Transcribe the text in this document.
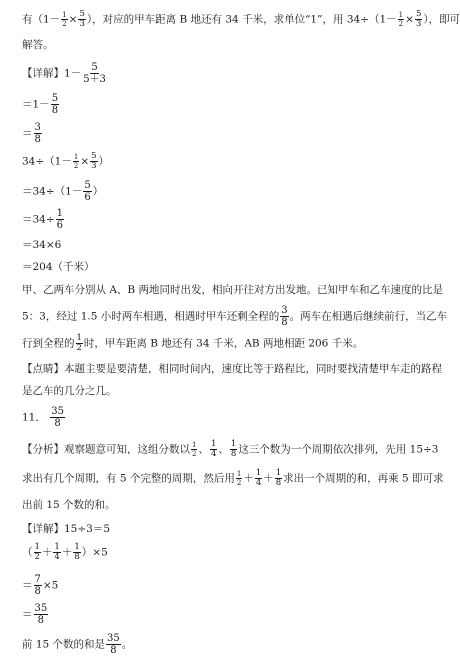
有（$1- \frac{1}{2} \times \frac{5}{3}$ ），对应的甲车距离 B 地还有 34 千米，求单位“1”，用 $34\div(1- \frac{1}{2} \times \frac{5}{3}$ ），即可
解答。
【详解】$1- \frac{5}{5+3}$
$=1- \frac{5}{8}$
＝ $\frac{3}{8}$
$34\div(1- \frac{1}{2} \times \frac{5}{3}$ ）
$=34\div(1- \frac{5}{6}$ ）
$=34\div \frac{1}{6}$
＝34×6
＝204（千米）
甲、乙两车分别从 A、B 两地同时出发，相向开往对方出发地。已知甲车和乙车速度的比是
5：3，经过 1.5 小时两车相遇，相遇时甲车还剩全程的 $\frac{3}{8}$ 。两车在相遇后继续前行，当乙车
行到全程的 $\frac{1}{2}$ 时，甲车距离 B 地还有 34 千米，AB 两地相距 206 千米。
【点睛】本题主要是要清楚，相同时间内，速度比等于路程比，同时要找清楚甲车走的路程
是乙车的几分之几。
11． $\frac{35}{8}$
【分析】观察题意可知，这组分数以 $\frac{1}{2}$ 、 $\frac{1}{4}$ 、 $\frac{1}{8}$ 这三个数为一个周期依次排列，先用 15÷3
求出有几个周期，有 5 个完整的周期，然后用 $\frac{1}{2} + \frac{1}{4} + \frac{1}{8}$ 求出一个周期的和，再乘 5 即可求
出前 15 个数的和。
【详解】15÷3＝5
（ $\frac{1}{2} + \frac{1}{4} + \frac{1}{8} )\times 5$
＝ $\frac{7}{8} \times 5$
＝ $\frac{35}{8}$
前 15 个数的和是 $\frac{35}{8}$ 。
